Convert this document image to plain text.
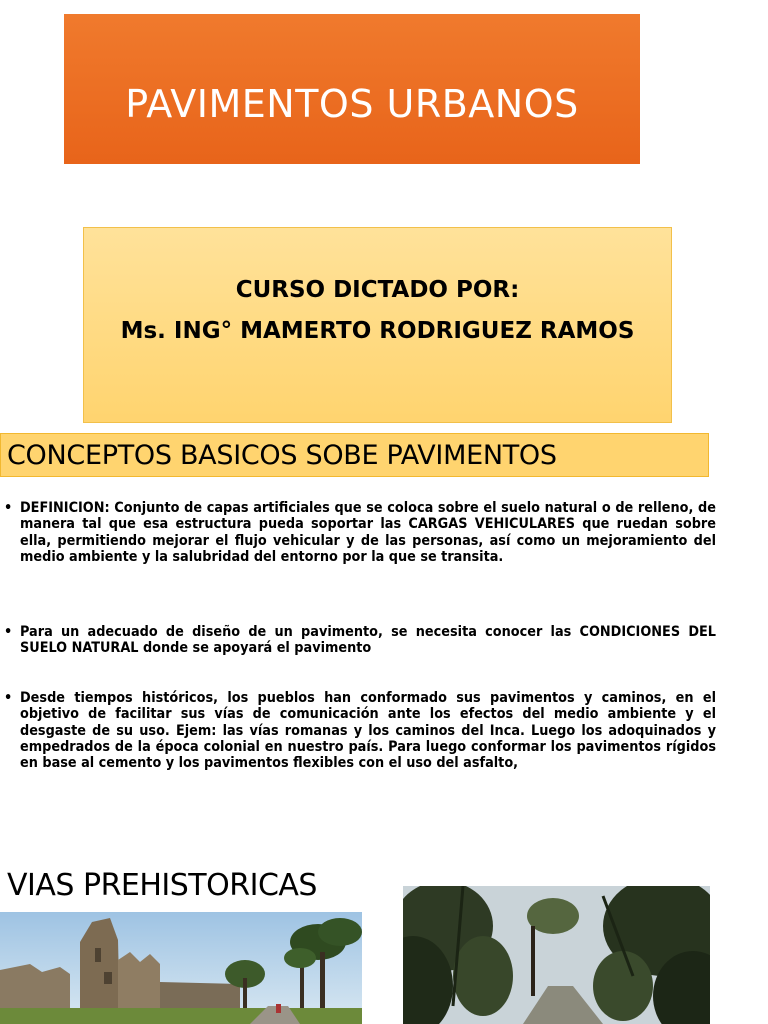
PAVIMENTOS URBANOS
CURSO DICTADO POR:
Ms. ING° MAMERTO RODRIGUEZ RAMOS
CONCEPTOS BASICOS SOBE PAVIMENTOS
• DEFINICION: Conjunto de capas artificiales que se coloca sobre el suelo natural o de relleno, de manera tal que esa estructura pueda soportar las CARGAS VEHICULARES que ruedan sobre ella, permitiendo mejorar el flujo vehicular y de las personas, así como un mejoramiento del medio ambiente y la salubridad del entorno por la que se transita.
• Para un adecuado de diseño de un pavimento, se necesita conocer las CONDICIONES DEL SUELO NATURAL donde se apoyará el pavimento
• Desde tiempos históricos, los pueblos han conformado sus pavimentos y caminos, en el objetivo de facilitar sus vías de comunicación ante los efectos del medio ambiente y el desgaste de su uso. Ejem: las vías romanas y los caminos del Inca. Luego los adoquinados y empedrados de la época colonial en nuestro país. Para luego conformar los pavimentos rígidos en base al cemento y los pavimentos flexibles con el uso del asfalto,
VIAS PREHISTORICAS
